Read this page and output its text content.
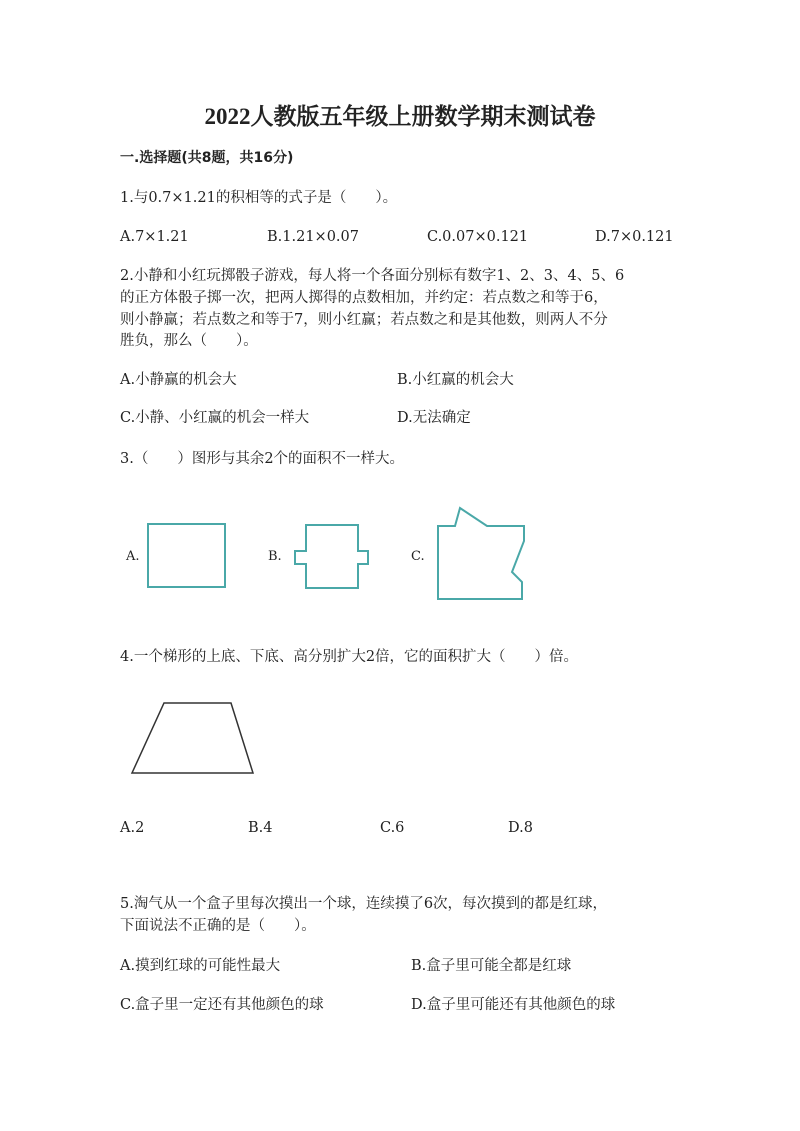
2022人教版五年级上册数学期末测试卷
一.选择题(共8题，共16分)
1.与0.7×1.21的积相等的式子是（　　）。
A.7×1.21	B.1.21×0.07	C.0.07×0.121	D.7×0.121
2.小静和小红玩掷骰子游戏，每人将一个各面分别标有数字1、2、3、4、5、6
的正方体骰子掷一次，把两人掷得的点数相加，并约定：若点数之和等于6，
则小静赢；若点数之和等于7，则小红赢；若点数之和是其他数，则两人不分
胜负，那么（　　）。
A.小静赢的机会大	B.小红赢的机会大
C.小静、小红赢的机会一样大	D.无法确定
3.（　　）图形与其余2个的面积不一样大。
A.	B.	C.
4.一个梯形的上底、下底、高分别扩大2倍，它的面积扩大（　　）倍。
A.2	B.4	C.6	D.8
5.淘气从一个盒子里每次摸出一个球，连续摸了6次，每次摸到的都是红球，
下面说法不正确的是（　　）。
A.摸到红球的可能性最大	B.盒子里可能全都是红球
C.盒子里一定还有其他颜色的球	D.盒子里可能还有其他颜色的球
